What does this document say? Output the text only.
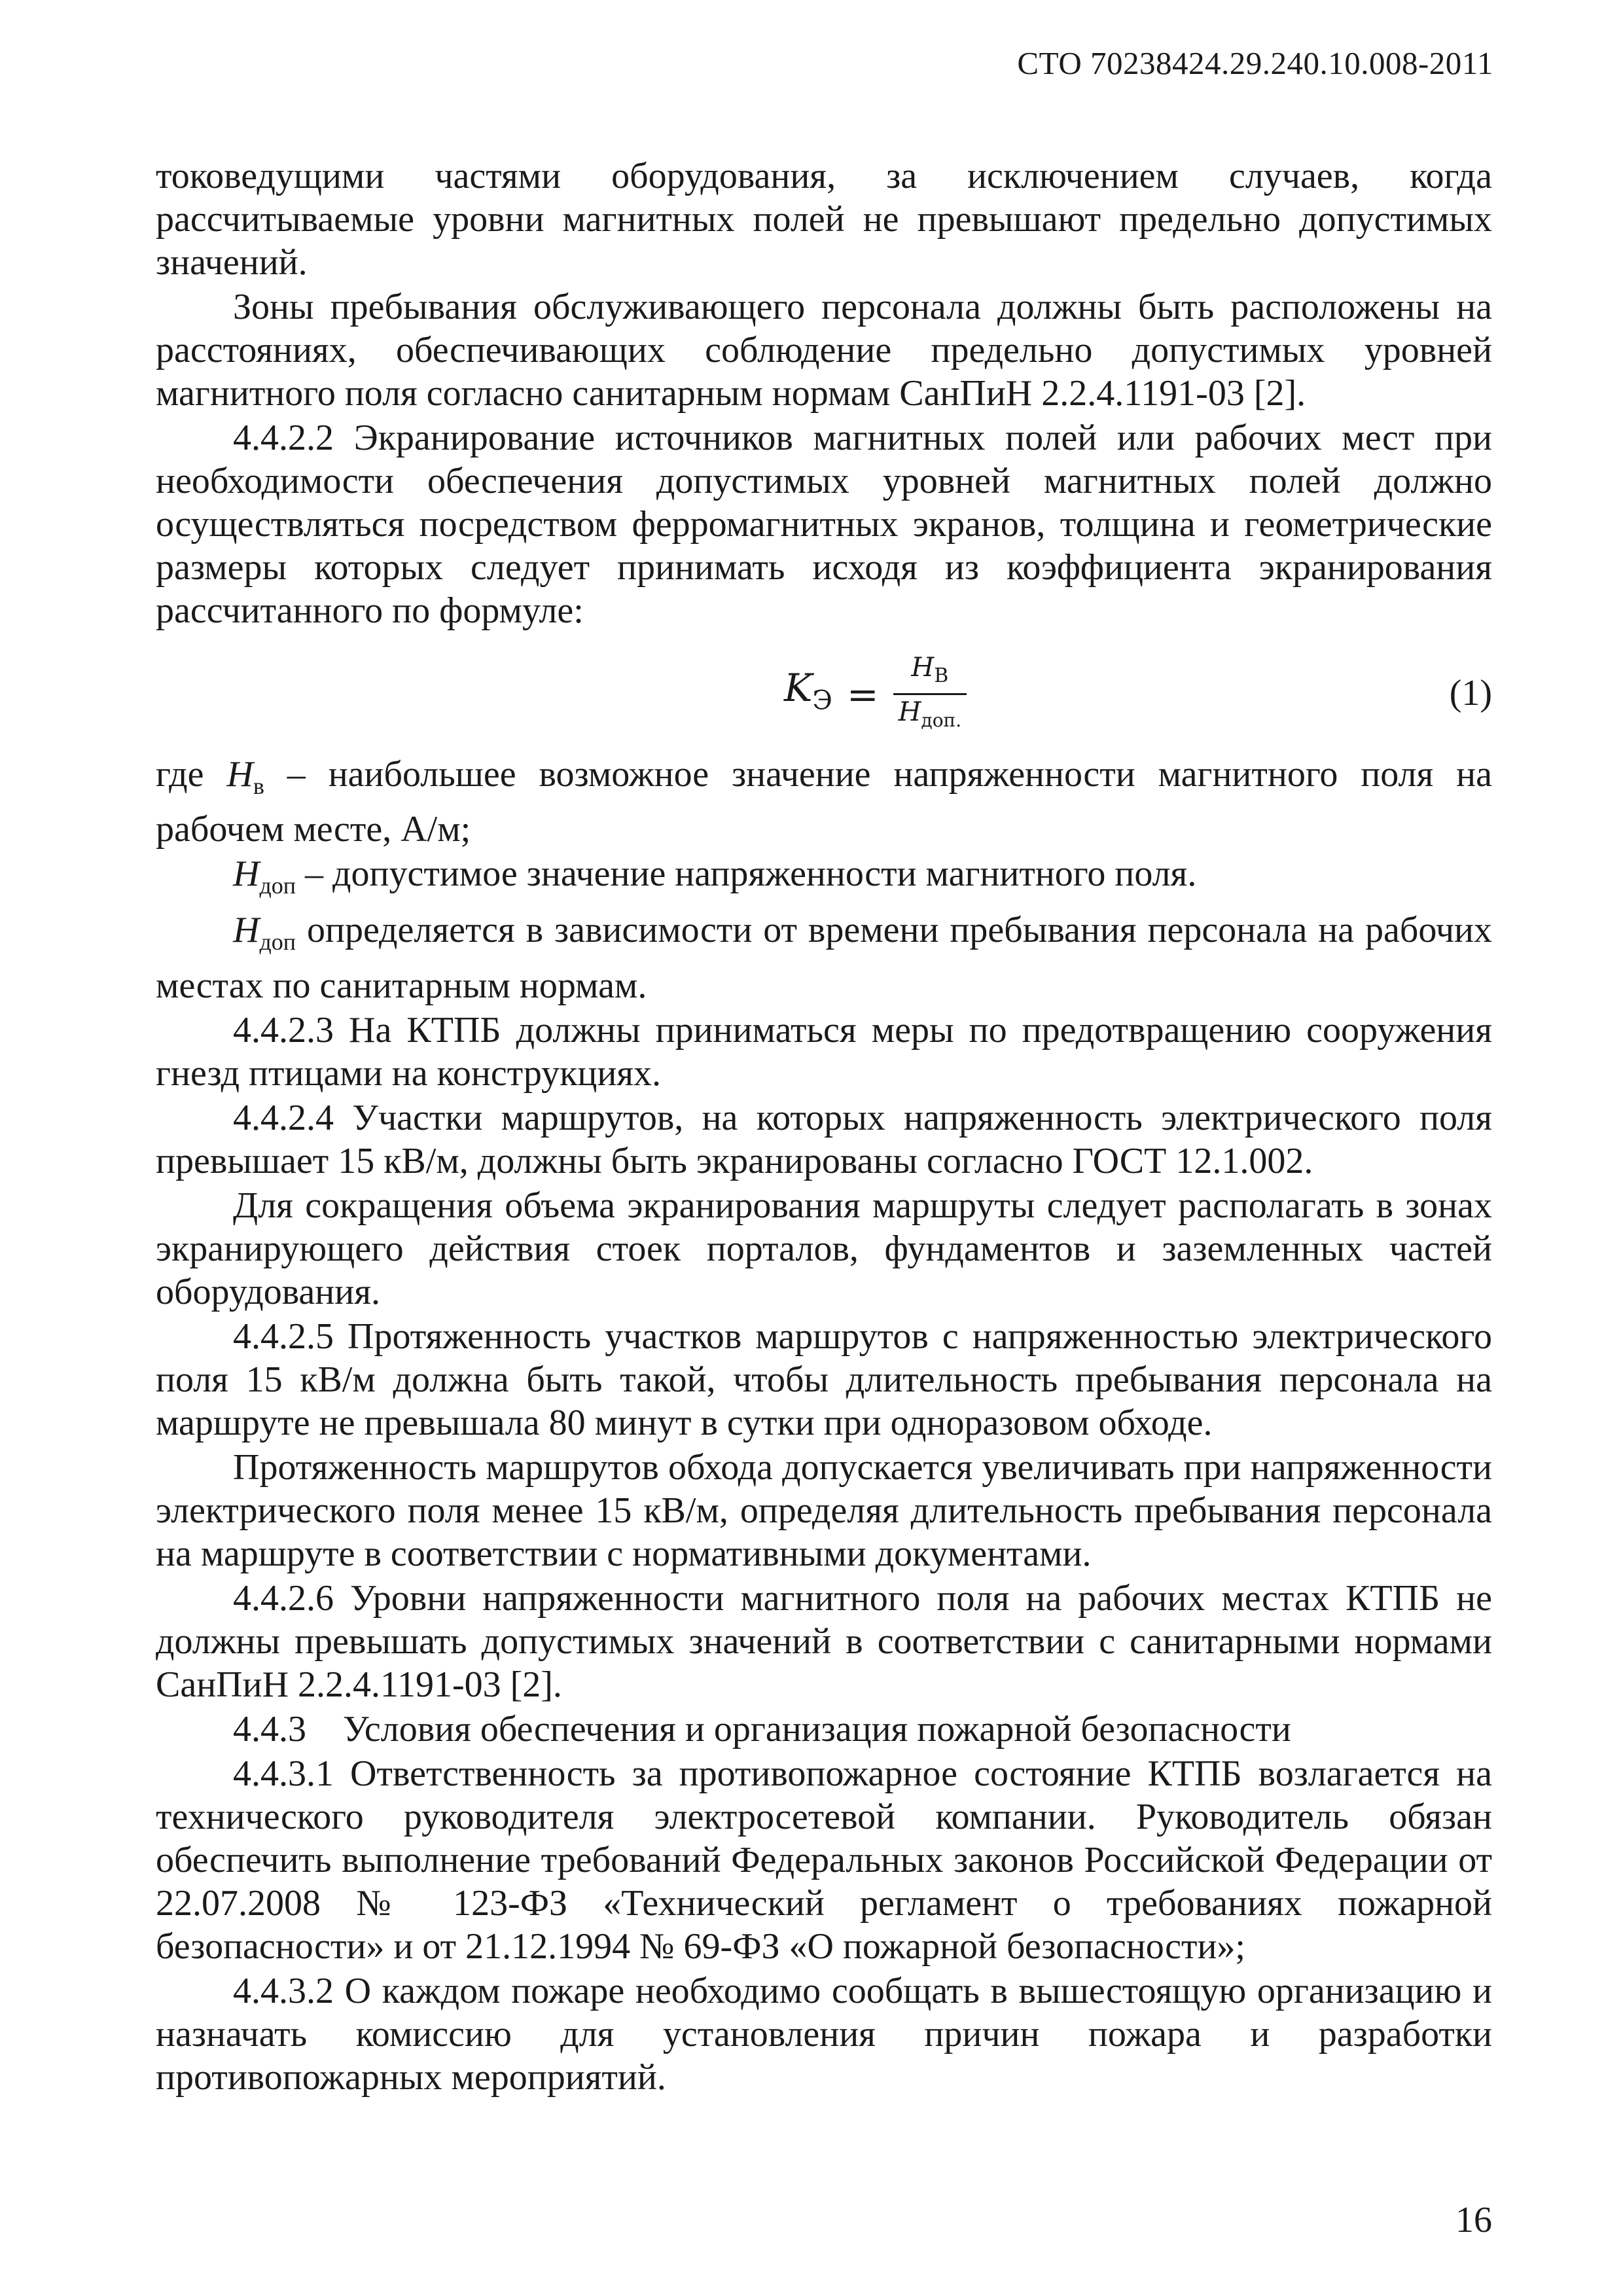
СТО 70238424.29.240.10.008-2011

токоведущими частями оборудования, за исключением случаев, когда рассчитываемые уровни магнитных полей не превышают предельно допустимых значений.

Зоны пребывания обслуживающего персонала должны быть расположены на расстояниях, обеспечивающих соблюдение предельно допустимых уровней магнитного поля согласно санитарным нормам СанПиН 2.2.4.1191-03 [2].

4.4.2.2 Экранирование источников магнитных полей или рабочих мест при необходимости обеспечения допустимых уровней магнитных полей должно осуществляться посредством ферромагнитных экранов, толщина и геометрические размеры которых следует принимать исходя из коэффициента экранирования рассчитанного по формуле:

$K_Э = \frac{H_В}{H_{доп.}}$	(1)

где $H_в$ – наибольшее возможное значение напряженности магнитного поля на рабочем месте, А/м;

$H_{доп}$ – допустимое значение напряженности магнитного поля.

$H_{доп}$ определяется в зависимости от времени пребывания персонала на рабочих местах по санитарным нормам.

4.4.2.3 На КТПБ должны приниматься меры по предотвращению сооружения гнезд птицами на конструкциях.

4.4.2.4 Участки маршрутов, на которых напряженность электрического поля превышает 15 кВ/м, должны быть экранированы согласно ГОСТ 12.1.002.

Для сокращения объема экранирования маршруты следует располагать в зонах экранирующего действия стоек порталов, фундаментов и заземленных частей оборудования.

4.4.2.5 Протяженность участков маршрутов с напряженностью электрического поля 15 кВ/м должна быть такой, чтобы длительность пребывания персонала на маршруте не превышала 80 минут в сутки при одноразовом обходе.

Протяженность маршрутов обхода допускается увеличивать при напряженности электрического поля менее 15 кВ/м, определяя длительность пребывания персонала на маршруте в соответствии с нормативными документами.

4.4.2.6 Уровни напряженности магнитного поля на рабочих местах КТПБ не должны превышать допустимых значений в соответствии с санитарными нормами СанПиН 2.2.4.1191-03 [2].

4.4.3 Условия обеспечения и организация пожарной безопасности

4.4.3.1 Ответственность за противопожарное состояние КТПБ возлагается на технического руководителя электросетевой компании. Руководитель обязан обеспечить выполнение требований Федеральных законов Российской Федерации от 22.07.2008 № 123-ФЗ «Технический регламент о требованиях пожарной безопасности» и от 21.12.1994 № 69-ФЗ «О пожарной безопасности»;

4.4.3.2 О каждом пожаре необходимо сообщать в вышестоящую организацию и назначать комиссию для установления причин пожара и разработки противопожарных мероприятий.

16
